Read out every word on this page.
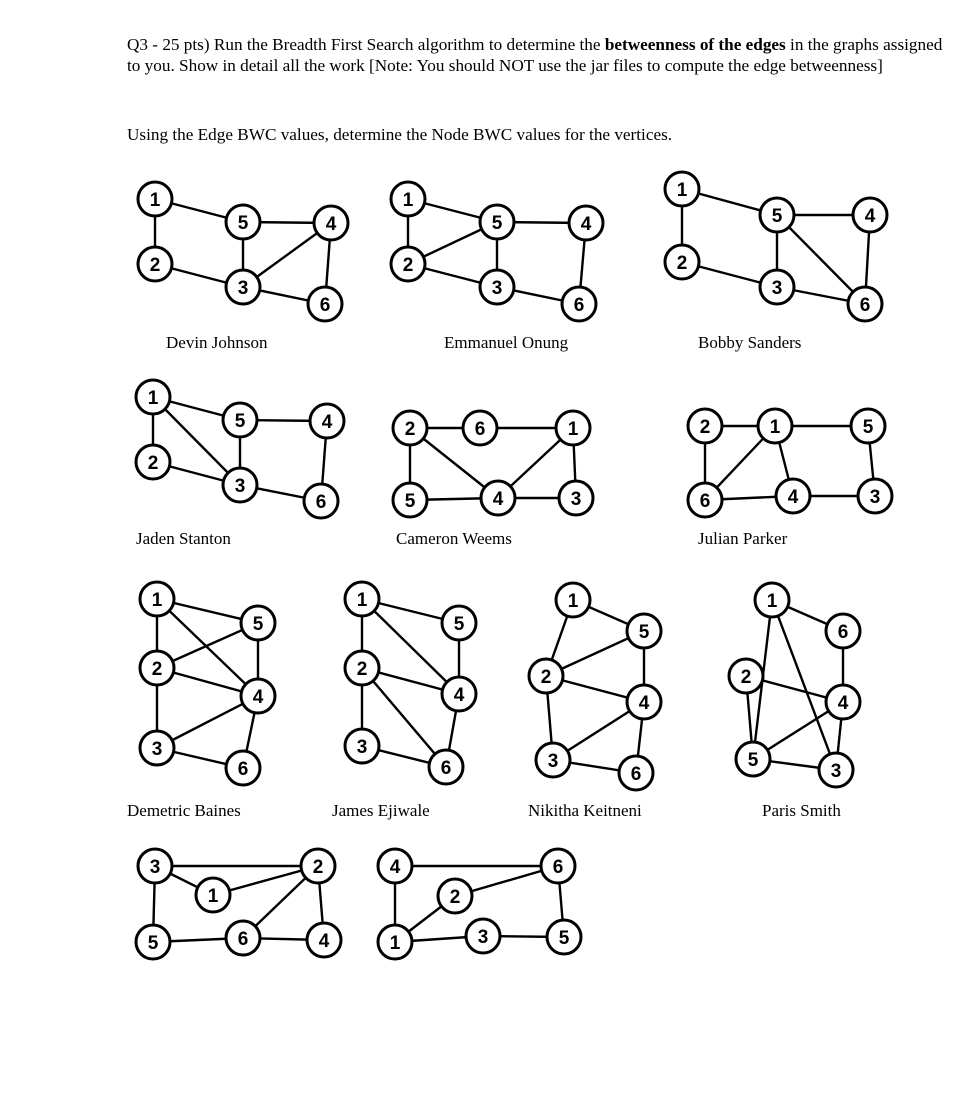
Q3 - 25 pts) Run the Breadth First Search algorithm to determine the betweenness of the edges in the graphs assigned to you. Show in detail all the work [Note: You should NOT use the jar files to compute the edge betweenness]
Using the Edge BWC values, determine the Node BWC values for the vertices.
1
2
3
4
5
6
Devin Johnson
1
2
3
4
5
6
Emmanuel Onung
1
2
3
4
5
6
Bobby Sanders
1
2
3
4
5
6
Jaden Stanton
1
2
3
4
5
6
Cameron Weems
1
2
3
4
5
6
Julian Parker
1
2
3
4
5
6
Demetric Baines
1
2
3
4
5
6
James Ejiwale
1
2
3
4
5
6
Nikitha Keitneni
1
2
3
4
5
6
Paris Smith
1
2
3
4
5	6	1
2
3
4
5
6
